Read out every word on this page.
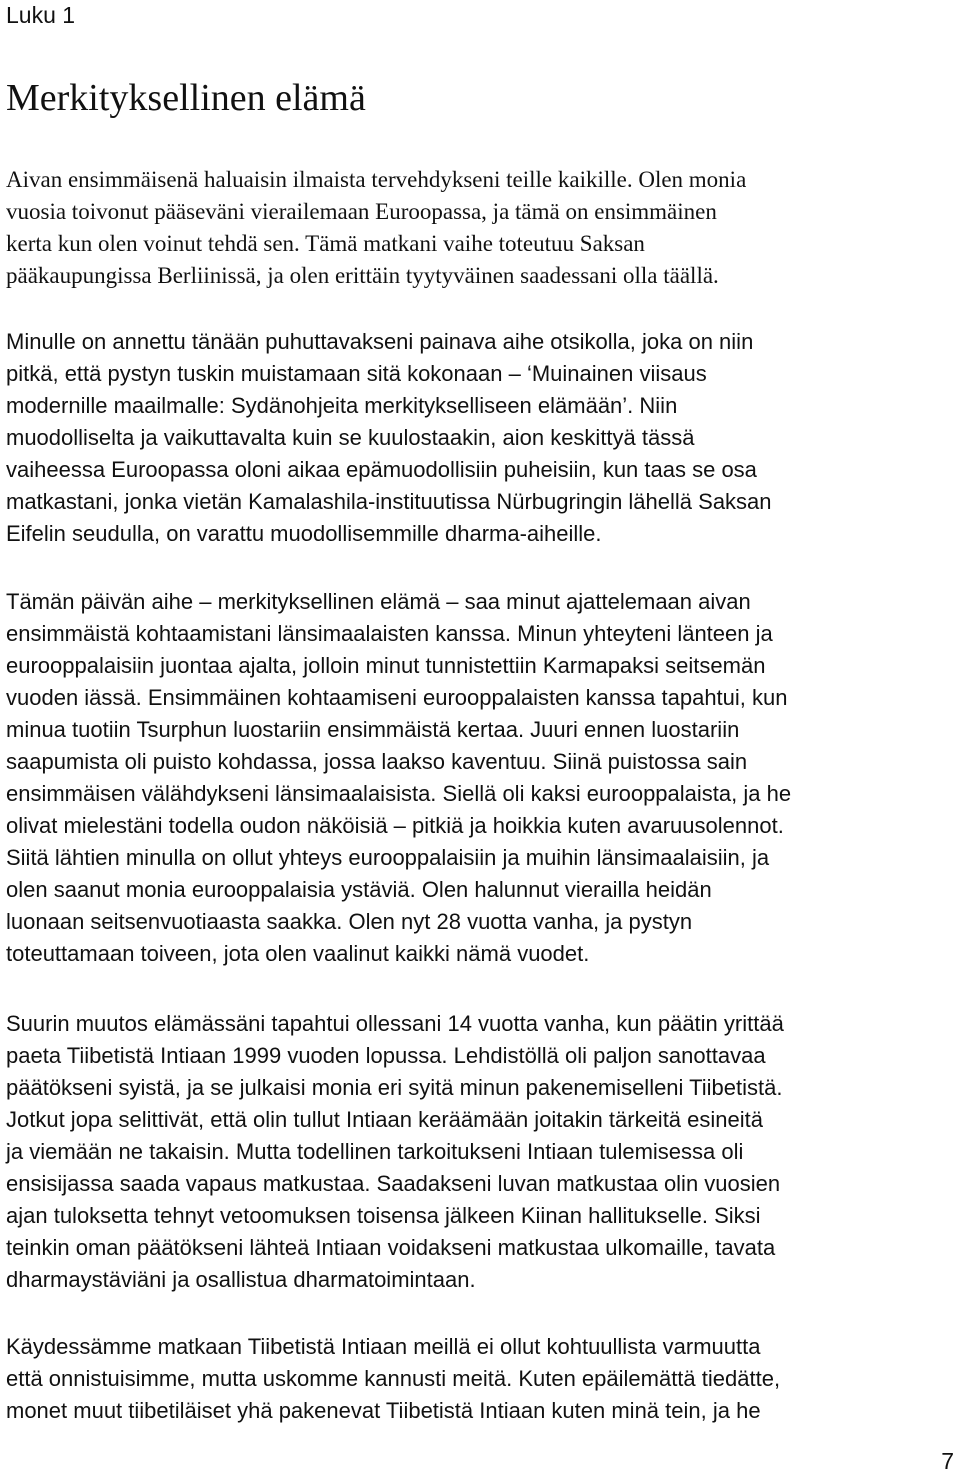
Luku 1
Merkityksellinen elämä
Aivan ensimmäisenä haluaisin ilmaista tervehdykseni teille kaikille. Olen monia
vuosia toivonut pääseväni vierailemaan Euroopassa, ja tämä on ensimmäinen
kerta kun olen voinut tehdä sen. Tämä matkani vaihe toteutuu Saksan
pääkaupungissa Berliinissä, ja olen erittäin tyytyväinen saadessani olla täällä.
Minulle on annettu tänään puhuttavakseni painava aihe otsikolla, joka on niin
pitkä, että pystyn tuskin muistamaan sitä kokonaan – ‘Muinainen viisaus
modernille maailmalle: Sydänohjeita merkitykselliseen elämään’. Niin
muodolliselta ja vaikuttavalta kuin se kuulostaakin, aion keskittyä tässä
vaiheessa Euroopassa oloni aikaa epämuodollisiin puheisiin, kun taas se osa
matkastani, jonka vietän Kamalashila-instituutissa Nürbugringin lähellä Saksan
Eifelin seudulla, on varattu muodollisemmille dharma-aiheille.
Tämän päivän aihe – merkityksellinen elämä – saa minut ajattelemaan aivan
ensimmäistä kohtaamistani länsimaalaisten kanssa. Minun yhteyteni länteen ja
eurooppalaisiin juontaa ajalta, jolloin minut tunnistettiin Karmapaksi seitsemän
vuoden iässä. Ensimmäinen kohtaamiseni eurooppalaisten kanssa tapahtui, kun
minua tuotiin Tsurphun luostariin ensimmäistä kertaa. Juuri ennen luostariin
saapumista oli puisto kohdassa, jossa laakso kaventuu. Siinä puistossa sain
ensimmäisen välähdykseni länsimaalaisista. Siellä oli kaksi eurooppalaista, ja he
olivat mielestäni todella oudon näköisiä – pitkiä ja hoikkia kuten avaruusolennot.
Siitä lähtien minulla on ollut yhteys eurooppalaisiin ja muihin länsimaalaisiin, ja
olen saanut monia eurooppalaisia ystäviä. Olen halunnut vierailla heidän
luonaan seitsenvuotiaasta saakka. Olen nyt 28 vuotta vanha, ja pystyn
toteuttamaan toiveen, jota olen vaalinut kaikki nämä vuodet.
Suurin muutos elämässäni tapahtui ollessani 14 vuotta vanha, kun päätin yrittää
paeta Tiibetistä Intiaan 1999 vuoden lopussa. Lehdistöllä oli paljon sanottavaa
päätökseni syistä, ja se julkaisi monia eri syitä minun pakenemiselleni Tiibetistä.
Jotkut jopa selittivät, että olin tullut Intiaan keräämään joitakin tärkeitä esineitä
ja viemään ne takaisin. Mutta todellinen tarkoitukseni Intiaan tulemisessa oli
ensisijassa saada vapaus matkustaa. Saadakseni luvan matkustaa olin vuosien
ajan tuloksetta tehnyt vetoomuksen toisensa jälkeen Kiinan hallitukselle. Siksi
teinkin oman päätökseni lähteä Intiaan voidakseni matkustaa ulkomaille, tavata
dharmaystäviäni ja osallistua dharmatoimintaan.
Käydessämme matkaan Tiibetistä Intiaan meillä ei ollut kohtuullista varmuutta
että onnistuisimme, mutta uskomme kannusti meitä. Kuten epäilemättä tiedätte,
monet muut tiibetiläiset yhä pakenevat Tiibetistä Intiaan kuten minä tein, ja he
7
